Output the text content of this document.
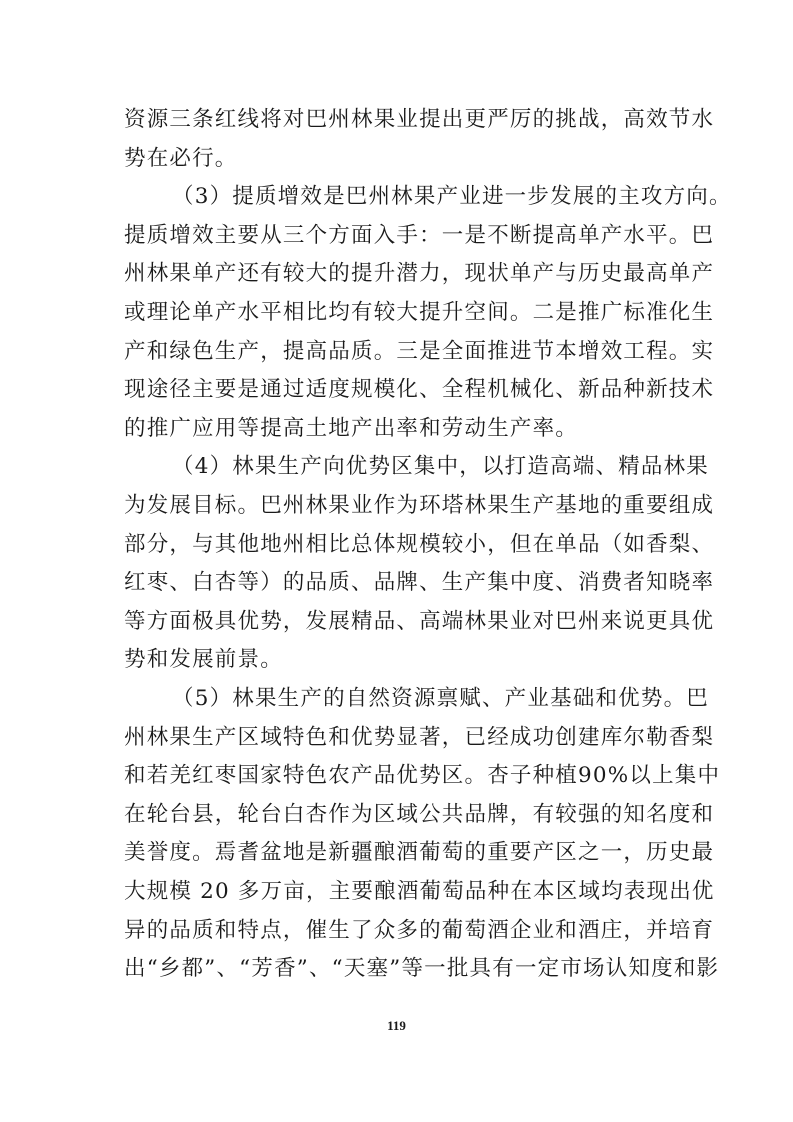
119
资源三条红线将对巴州林果业提出更严厉的挑战，高效节水
势在必行。
（3）提质增效是巴州林果产业进一步发展的主攻方向。
提质增效主要从三个方面入手：一是不断提高单产水平。巴
州林果单产还有较大的提升潜力，现状单产与历史最高单产
或理论单产水平相比均有较大提升空间。二是推广标准化生
产和绿色生产，提高品质。三是全面推进节本增效工程。实
现途径主要是通过适度规模化、全程机械化、新品种新技术
的推广应用等提高土地产出率和劳动生产率。
（4）林果生产向优势区集中，以打造高端、精品林果
为发展目标。巴州林果业作为环塔林果生产基地的重要组成
部分，与其他地州相比总体规模较小，但在单品（如香梨、
红枣、白杏等）的品质、品牌、生产集中度、消费者知晓率
等方面极具优势，发展精品、高端林果业对巴州来说更具优
势和发展前景。
（5）林果生产的自然资源禀赋、产业基础和优势。巴
州林果生产区域特色和优势显著，已经成功创建库尔勒香梨
和若羌红枣国家特色农产品优势区。杏子种植90%以上集中
在轮台县，轮台白杏作为区域公共品牌，有较强的知名度和
美誉度。焉耆盆地是新疆酿酒葡萄的重要产区之一，历史最
大规模 20 多万亩，主要酿酒葡萄品种在本区域均表现出优
异的品质和特点，催生了众多的葡萄酒企业和酒庄，并培育
出“乡都”、“芳香”、“天塞”等一批具有一定市场认知度和影
